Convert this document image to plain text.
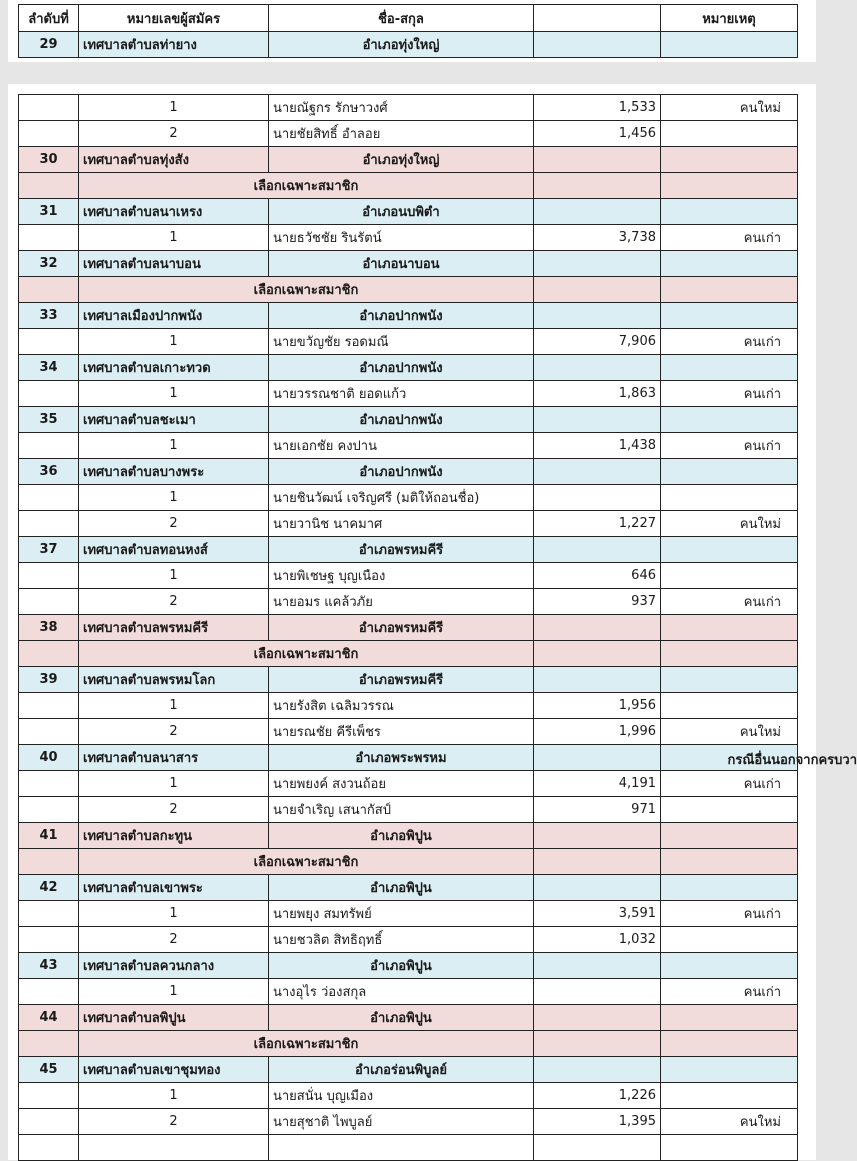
ลำดับที่	หมายเลขผู้สมัคร	ชื่อ-สกุล		หมายเหตุ
29	เทศบาลตำบลท่ายาง	อำเภอทุ่งใหญ่		
	1	นายณัฐกร รักษาวงศ์	1,533	คนใหม่
	2	นายชัยสิทธิ์ อำลอย	1,456	
30	เทศบาลตำบลทุ่งสัง	อำเภอทุ่งใหญ่		
	เลือกเฉพาะสมาชิก			
31	เทศบาลตำบลนาเหรง	อำเภอนบพิตำ		
	1	นายธวัชชัย รินรัตน์	3,738	คนเก่า
32	เทศบาลตำบลนาบอน	อำเภอนาบอน		
	เลือกเฉพาะสมาชิก			
33	เทศบาลเมืองปากพนัง	อำเภอปากพนัง		
	1	นายขวัญชัย รอดมณี	7,906	คนเก่า
34	เทศบาลตำบลเกาะทวด	อำเภอปากพนัง		
	1	นายวรรณชาติ ยอดแก้ว	1,863	คนเก่า
35	เทศบาลตำบลชะเมา	อำเภอปากพนัง		
	1	นายเอกชัย คงปาน	1,438	คนเก่า
36	เทศบาลตำบลบางพระ	อำเภอปากพนัง		
	1	นายชินวัฒน์ เจริญศรี (มติให้ถอนชื่อ)		
	2	นายวานิช นาคมาศ	1,227	คนใหม่
37	เทศบาลตำบลทอนหงส์	อำเภอพรหมคีรี		
	1	นายพิเชษฐ บุญเนือง	646	
	2	นายอมร แคล้วภัย	937	คนเก่า
38	เทศบาลตำบลพรหมคีรี	อำเภอพรหมคีรี		
	เลือกเฉพาะสมาชิก			
39	เทศบาลตำบลพรหมโลก	อำเภอพรหมคีรี		
	1	นายรังสิต เฉลิมวรรณ	1,956	
	2	นายรณชัย คีรีเพ็ชร	1,996	คนใหม่
40	เทศบาลตำบลนาสาร	อำเภอพระพรหม		กรณีอื่นนอกจากครบวา

	1	นายพยงค์ สงวนถ้อย	4,191	คนเก่า
	2	นายจำเริญ เสนากัสป์	971	
41	เทศบาลตำบลกะทูน	อำเภอพิปูน		
	เลือกเฉพาะสมาชิก			
42	เทศบาลตำบลเขาพระ	อำเภอพิปูน		
	1	นายพยุง สมทรัพย์	3,591	คนเก่า
	2	นายชวลิต สิทธิฤทธิ์	1,032	
43	เทศบาลตำบลควนกลาง	อำเภอพิปูน		
	1	นางอุไร ว่องสกุล		คนเก่า
44	เทศบาลตำบลพิปูน	อำเภอพิปูน		
	เลือกเฉพาะสมาชิก			
45	เทศบาลตำบลเขาชุมทอง	อำเภอร่อนพิบูลย์		
	1	นายสนั่น บุญเมือง	1,226	
	2	นายสุชาติ ไพบูลย์	1,395	คนใหม่
